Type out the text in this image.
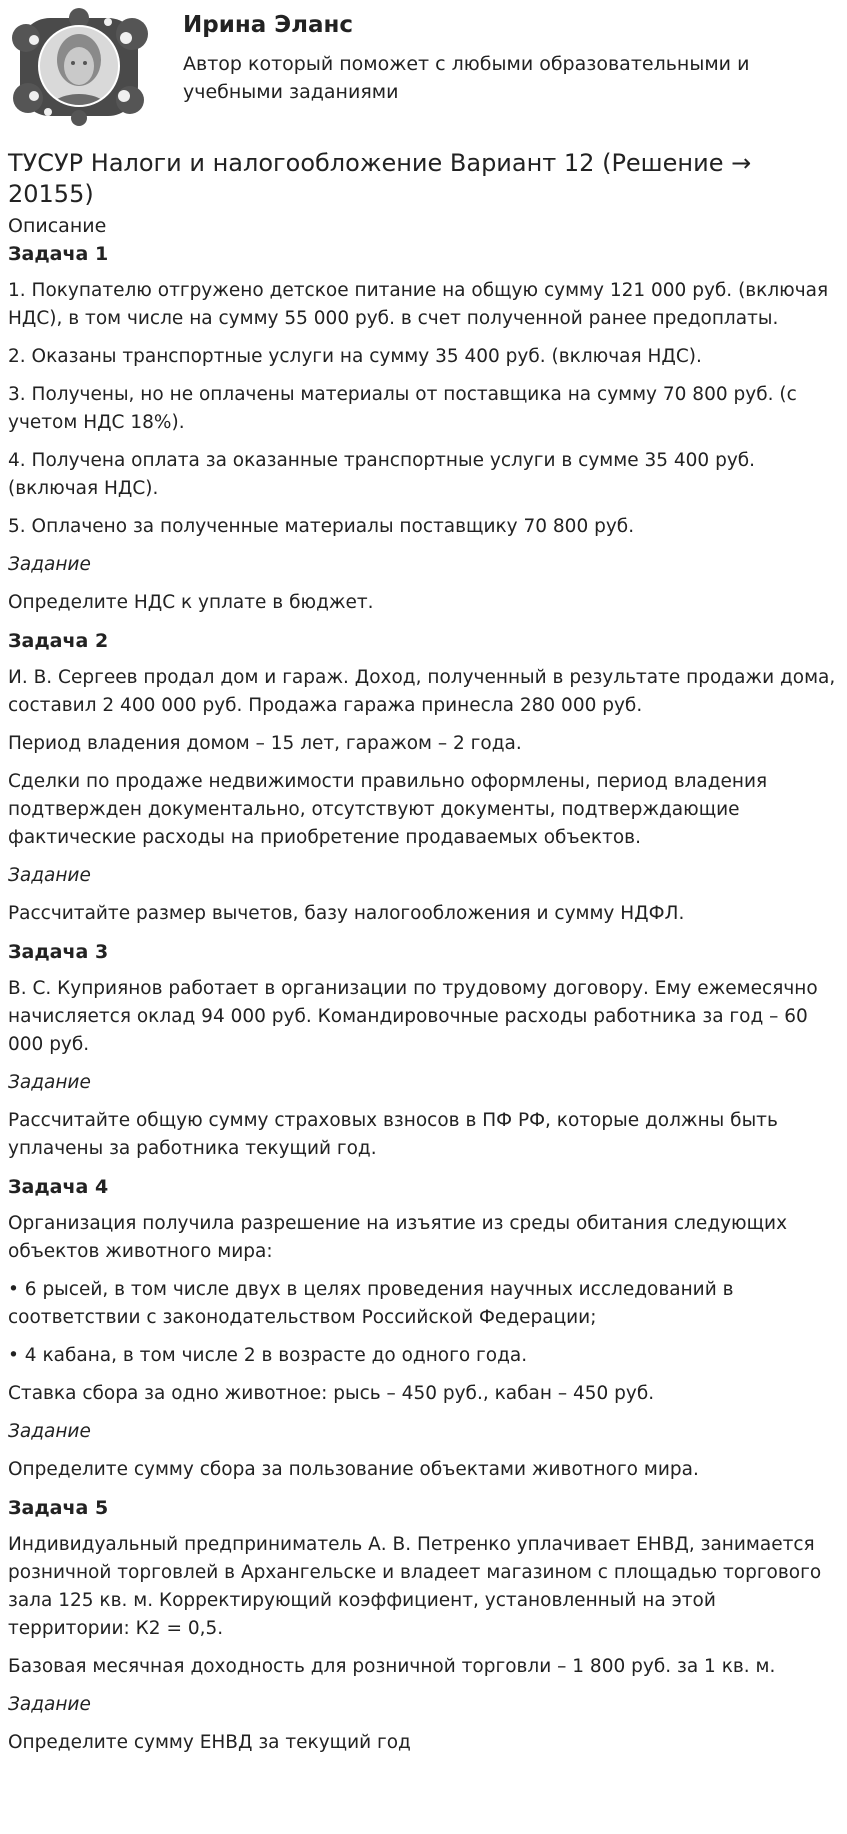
Ирина Эланс
Автор который поможет с любыми образовательными и учебными заданиями
ТУСУР Налоги и налогообложение Вариант 12 (Решение → 20155)
Описание
Задача 1
1. Покупателю отгружено детское питание на общую сумму 121 000 руб. (включая НДС), в том числе на сумму 55 000 руб. в счет полученной ранее предоплаты.
2. Оказаны транспортные услуги на сумму 35 400 руб. (включая НДС).
3. Получены, но не оплачены материалы от поставщика на сумму 70 800 руб. (с учетом НДС 18%).
4. Получена оплата за оказанные транспортные услуги в сумме 35 400 руб. (включая НДС).
5. Оплачено за полученные материалы поставщику 70 800 руб.
Задание
Определите НДС к уплате в бюджет.
Задача 2
И. В. Сергеев продал дом и гараж. Доход, полученный в результате продажи дома, составил 2 400 000 руб. Продажа гаража принесла 280 000 руб.
Период владения домом – 15 лет, гаражом – 2 года.
Сделки по продаже недвижимости правильно оформлены, период владения подтвержден документально, отсутствуют документы, подтверждающие фактические расходы на приобретение продаваемых объектов.
Задание
Рассчитайте размер вычетов, базу налогообложения и сумму НДФЛ.
Задача 3
В. С. Куприянов работает в организации по трудовому договору. Ему ежемесячно начисляется оклад 94 000 руб. Командировочные расходы работника за год – 60 000 руб.
Задание
Рассчитайте общую сумму страховых взносов в ПФ РФ, которые должны быть уплачены за работника текущий год.
Задача 4
Организация получила разрешение на изъятие из среды обитания следующих объектов животного мира:
• 6 рысей, в том числе двух в целях проведения научных исследований в соответствии с законодательством Российской Федерации;
• 4 кабана, в том числе 2 в возрасте до одного года.
Ставка сбора за одно животное: рысь – 450 руб., кабан – 450 руб.
Задание
Определите сумму сбора за пользование объектами животного мира.
Задача 5
Индивидуальный предприниматель А. В. Петренко уплачивает ЕНВД, занимается розничной торговлей в Архангельске и владеет магазином с площадью торгового зала 125 кв. м. Корректирующий коэффициент, установленный на этой территории: К2 = 0,5.
Базовая месячная доходность для розничной торговли – 1 800 руб. за 1 кв. м.
Задание
Определите сумму ЕНВД за текущий год
